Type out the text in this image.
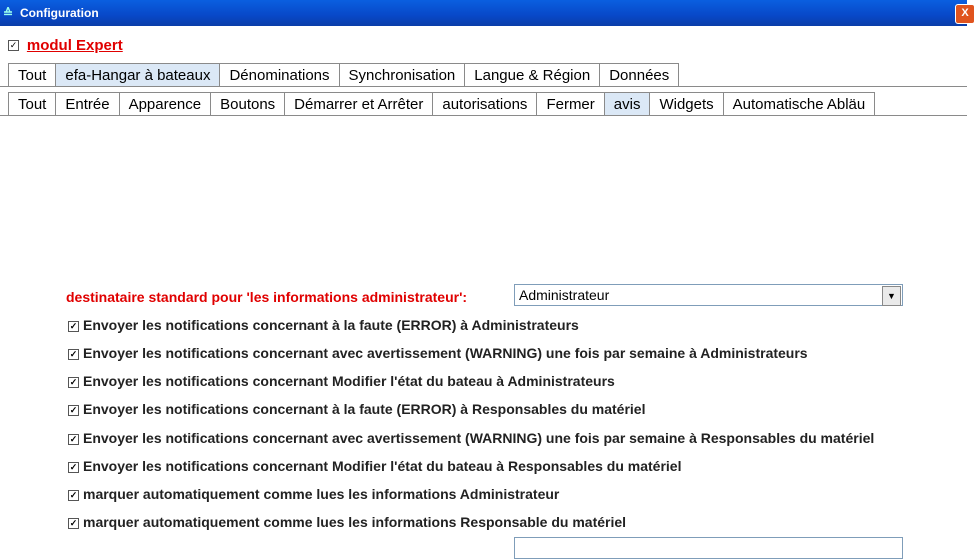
≙ Configuration	X
✓ modul Expert
Tout	efa-Hangar à bateaux	Dénominations	Synchronisation	Langue & Région	Données
Tout	Entrée	Apparence	Boutons	Démarrer et Arrêter	autorisations	Fermer	avis	Widgets	Automatische Abläu
destinataire standard pour 'les informations administrateur':	Administrateur	▼
✓ Envoyer les notifications concernant à la faute (ERROR) à Administrateurs
✓ Envoyer les notifications concernant avec avertissement (WARNING) une fois par semaine à Administrateurs
✓ Envoyer les notifications concernant Modifier l'état du bateau à Administrateurs
✓ Envoyer les notifications concernant à la faute (ERROR) à Responsables du matériel
✓ Envoyer les notifications concernant avec avertissement (WARNING) une fois par semaine à Responsables du matériel
✓ Envoyer les notifications concernant Modifier l'état du bateau à Responsables du matériel
✓ marquer automatiquement comme lues les informations Administrateur
✓ marquer automatiquement comme lues les informations Responsable du matériel
